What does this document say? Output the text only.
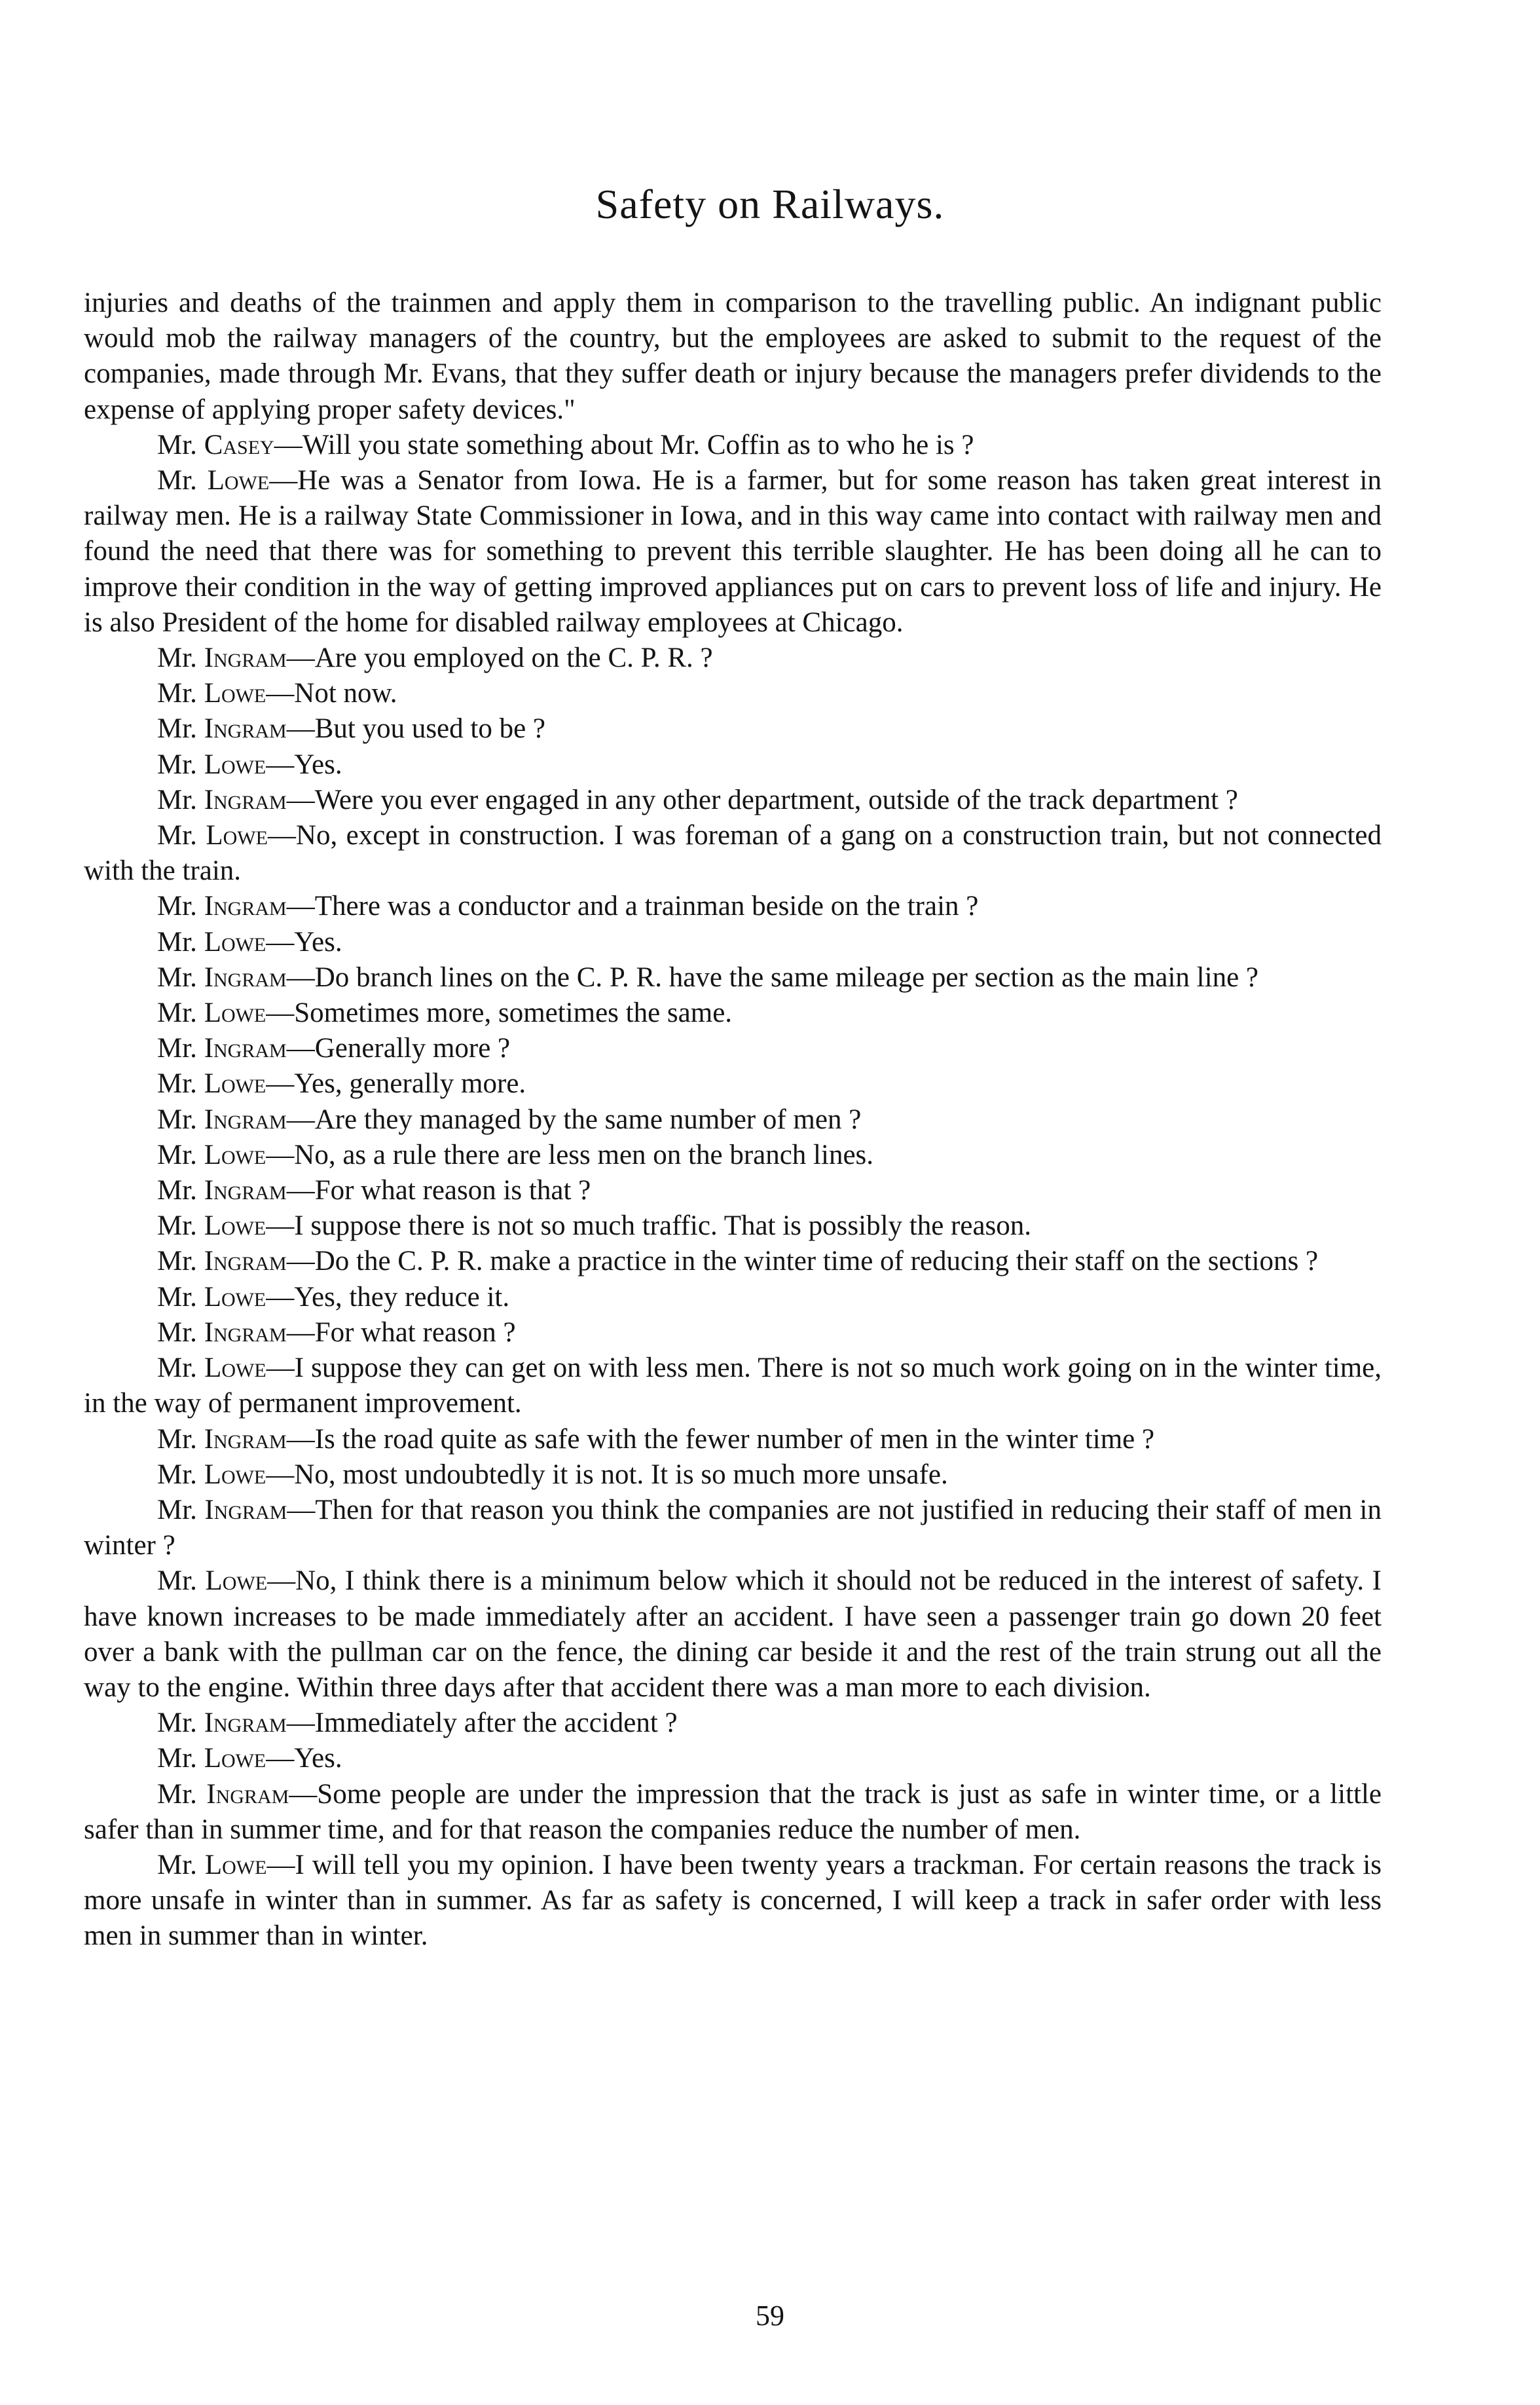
Safety on Railways.

injuries and deaths of the trainmen and apply them in comparison to the travelling public. An indignant public would mob the railway managers of the country, but the employees are asked to submit to the request of the companies, made through Mr. Evans, that they suffer death or injury because the managers prefer dividends to the expense of applying proper safety devices."

Mr. Casey—Will you state something about Mr. Coffin as to who he is ?

Mr. Lowe—He was a Senator from Iowa. He is a farmer, but for some reason has taken great interest in railway men. He is a railway State Commissioner in Iowa, and in this way came into contact with railway men and found the need that there was for something to prevent this terrible slaughter. He has been doing all he can to improve their condition in the way of getting improved appliances put on cars to prevent loss of life and injury. He is also President of the home for disabled railway employees at Chicago.

Mr. Ingram—Are you employed on the C. P. R. ?

Mr. Lowe—Not now.

Mr. Ingram—But you used to be ?

Mr. Lowe—Yes.

Mr. Ingram—Were you ever engaged in any other department, outside of the track department ?

Mr. Lowe—No, except in construction. I was foreman of a gang on a construction train, but not connected with the train.

Mr. Ingram—There was a conductor and a trainman beside on the train ?

Mr. Lowe—Yes.

Mr. Ingram—Do branch lines on the C. P. R. have the same mileage per section as the main line ?

Mr. Lowe—Sometimes more, sometimes the same.

Mr. Ingram—Generally more ?

Mr. Lowe—Yes, generally more.

Mr. Ingram—Are they managed by the same number of men ?

Mr. Lowe—No, as a rule there are less men on the branch lines.

Mr. Ingram—For what reason is that ?

Mr. Lowe—I suppose there is not so much traffic. That is possibly the reason.

Mr. Ingram—Do the C. P. R. make a practice in the winter time of reducing their staff on the sections ?

Mr. Lowe—Yes, they reduce it.

Mr. Ingram—For what reason ?

Mr. Lowe—I suppose they can get on with less men. There is not so much work going on in the winter time, in the way of permanent improvement.

Mr. Ingram—Is the road quite as safe with the fewer number of men in the winter time ?

Mr. Lowe—No, most undoubtedly it is not. It is so much more unsafe.

Mr. Ingram—Then for that reason you think the companies are not justified in reducing their staff of men in winter ?

Mr. Lowe—No, I think there is a minimum below which it should not be reduced in the interest of safety. I have known increases to be made immediately after an accident. I have seen a passenger train go down 20 feet over a bank with the pullman car on the fence, the dining car beside it and the rest of the train strung out all the way to the engine. Within three days after that accident there was a man more to each division.

Mr. Ingram—Immediately after the accident ?

Mr. Lowe—Yes.

Mr. Ingram—Some people are under the impression that the track is just as safe in winter time, or a little safer than in summer time, and for that reason the companies reduce the number of men.

Mr. Lowe—I will tell you my opinion. I have been twenty years a trackman. For certain reasons the track is more unsafe in winter than in summer. As far as safety is concerned, I will keep a track in safer order with less men in summer than in winter.

59
